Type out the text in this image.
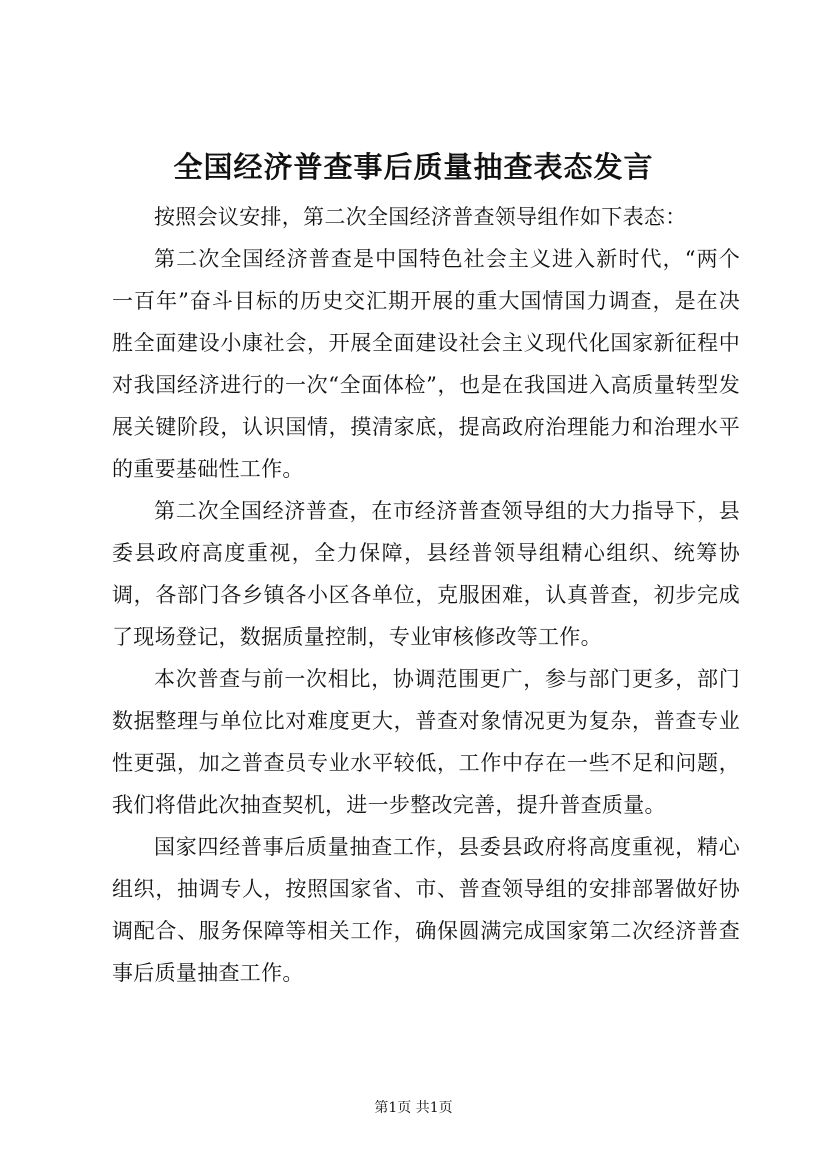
全国经济普查事后质量抽查表态发言

按照会议安排，第二次全国经济普查领导组作如下表态：

第二次全国经济普查是中国特色社会主义进入新时代，“两个一百年”奋斗目标的历史交汇期开展的重大国情国力调查，是在决胜全面建设小康社会，开展全面建设社会主义现代化国家新征程中对我国经济进行的一次“全面体检”，也是在我国进入高质量转型发展关键阶段，认识国情，摸清家底，提高政府治理能力和治理水平的重要基础性工作。

第二次全国经济普查，在市经济普查领导组的大力指导下，县委县政府高度重视，全力保障，县经普领导组精心组织、统筹协调，各部门各乡镇各小区各单位，克服困难，认真普查，初步完成了现场登记，数据质量控制，专业审核修改等工作。

本次普查与前一次相比，协调范围更广，参与部门更多，部门数据整理与单位比对难度更大，普查对象情况更为复杂，普查专业性更强，加之普查员专业水平较低，工作中存在一些不足和问题，我们将借此次抽查契机，进一步整改完善，提升普查质量。

国家四经普事后质量抽查工作，县委县政府将高度重视，精心组织，抽调专人，按照国家省、市、普查领导组的安排部署做好协调配合、服务保障等相关工作，确保圆满完成国家第二次经济普查事后质量抽查工作。

第1页 共1页
